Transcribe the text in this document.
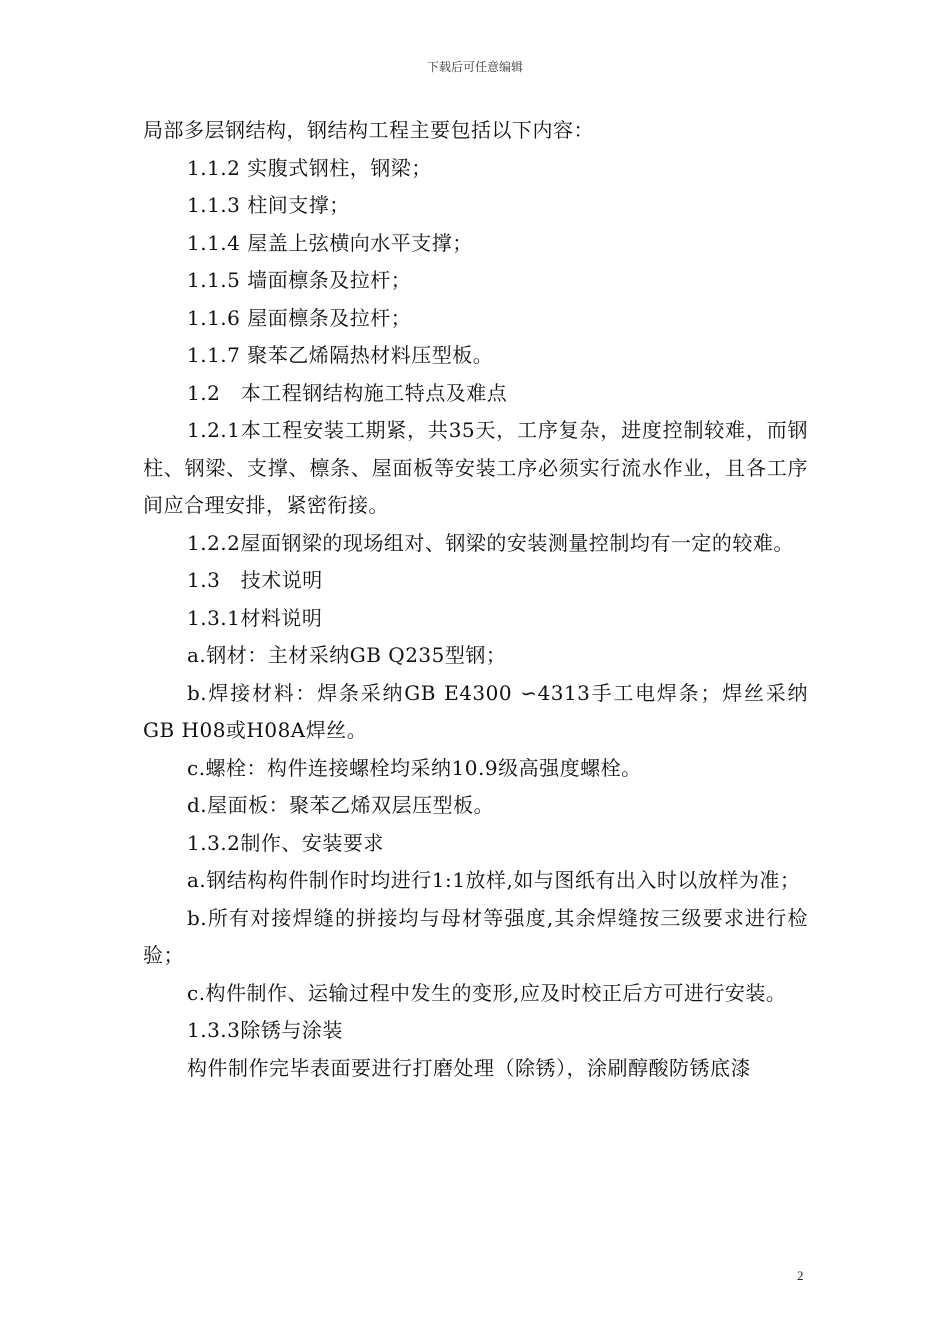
下载后可任意编辑

局部多层钢结构，钢结构工程主要包括以下内容：

1.1.2 实腹式钢柱，钢梁；

1.1.3 柱间支撑；

1.1.4 屋盖上弦横向水平支撑；

1.1.5 墙面檩条及拉杆；

1.1.6 屋面檩条及拉杆；

1.1.7 聚苯乙烯隔热材料压型板。

1.2　本工程钢结构施工特点及难点

1.2.1本工程安装工期紧，共35天，工序复杂，进度控制较难，而钢柱、钢梁、支撑、檩条、屋面板等安装工序必须实行流水作业，且各工序间应合理安排，紧密衔接。

1.2.2屋面钢梁的现场组对、钢梁的安装测量控制均有一定的较难。

1.3　技术说明

1.3.1材料说明

a.钢材：主材采纳GB Q235型钢；

b.焊接材料：焊条采纳GB E4300 ∽4313手工电焊条；焊丝采纳GB H08或H08A焊丝。

c.螺栓：构件连接螺栓均采纳10.9级高强度螺栓。

d.屋面板：聚苯乙烯双层压型板。

1.3.2制作、安装要求

a.钢结构构件制作时均进行1:1放样,如与图纸有出入时以放样为准；

b.所有对接焊缝的拼接均与母材等强度,其余焊缝按三级要求进行检验；

c.构件制作、运输过程中发生的变形,应及时校正后方可进行安装。

1.3.3除锈与涂装

构件制作完毕表面要进行打磨处理（除锈），涂刷醇酸防锈底漆

2
